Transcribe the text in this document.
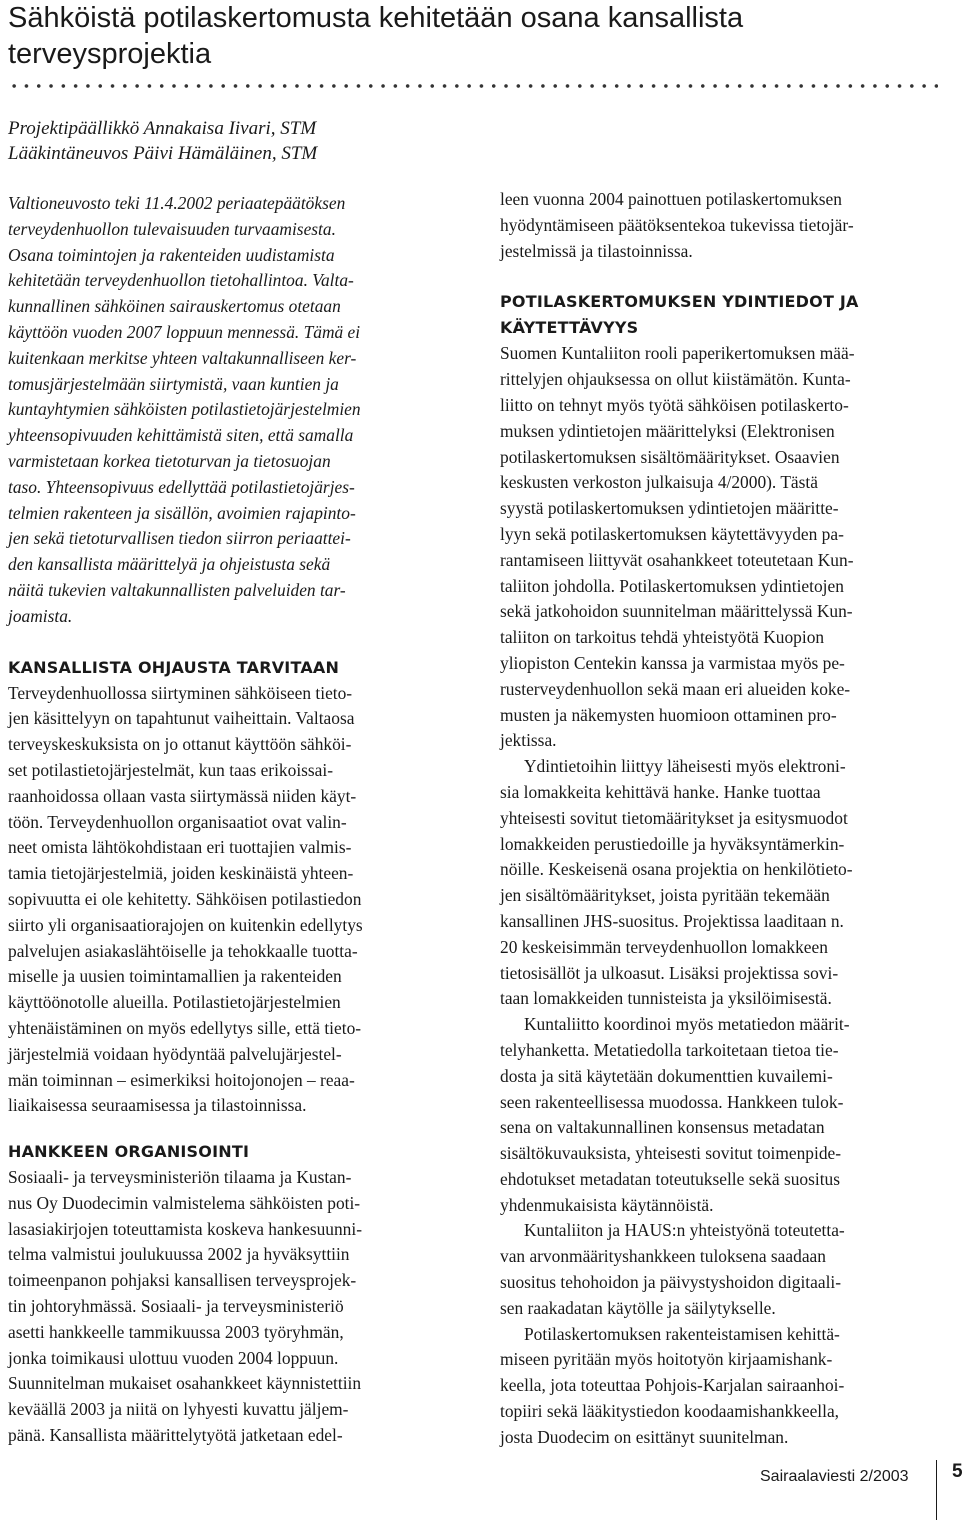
Sähköistä potilaskertomusta kehitetään osana kansallista
terveysprojektia
Projektipäällikkö Annakaisa Iivari, STM
Lääkintäneuvos Päivi Hämäläinen, STM
Valtioneuvosto teki 11.4.2002 periaatepäätöksen
terveydenhuollon tulevaisuuden turvaamisesta.
Osana toimintojen ja rakenteiden uudistamista
kehitetään terveydenhuollon tietohallintoa. Valta-
kunnallinen sähköinen sairauskertomus otetaan
käyttöön vuoden 2007 loppuun mennessä. Tämä ei
kuitenkaan merkitse yhteen valtakunnalliseen ker-
tomusjärjestelmään siirtymistä, vaan kuntien ja
kuntayhtymien sähköisten potilastietojärjestelmien
yhteensopivuuden kehittämistä siten, että samalla
varmistetaan korkea tietoturvan ja tietosuojan
taso. Yhteensopivuus edellyttää potilastietojärjes-
telmien rakenteen ja sisällön, avoimien rajapinto-
jen sekä tietoturvallisen tiedon siirron periaattei-
den kansallista määrittelyä ja ohjeistusta sekä
näitä tukevien valtakunnallisten palveluiden tar-
joamista.
KANSALLISTA OHJAUSTA TARVITAAN
Terveydenhuollossa siirtyminen sähköiseen tieto-
jen käsittelyyn on tapahtunut vaiheittain. Valtaosa
terveyskeskuksista on jo ottanut käyttöön sähköi-
set potilastietojärjestelmät, kun taas erikoissai-
raanhoidossa ollaan vasta siirtymässä niiden käyt-
töön. Terveydenhuollon organisaatiot ovat valin-
neet omista lähtökohdistaan eri tuottajien valmis-
tamia tietojärjestelmiä, joiden keskinäistä yhteen-
sopivuutta ei ole kehitetty. Sähköisen potilastiedon
siirto yli organisaatiorajojen on kuitenkin edellytys
palvelujen asiakaslähtöiselle ja tehokkaalle tuotta-
miselle ja uusien toimintamallien ja rakenteiden
käyttöönotolle alueilla. Potilastietojärjestelmien
yhtenäistäminen on myös edellytys sille, että tieto-
järjestelmiä voidaan hyödyntää palvelujärjestel-
män toiminnan – esimerkiksi hoitojonojen – reaa-
liaikaisessa seuraamisessa ja tilastoinnissa.
HANKKEEN ORGANISOINTI
Sosiaali- ja terveysministeriön tilaama ja Kustan-
nus Oy Duodecimin valmistelema sähköisten poti-
lasasiakirjojen toteuttamista koskeva hankesuunni-
telma valmistui joulukuussa 2002 ja hyväksyttiin
toimeenpanon pohjaksi kansallisen terveysprojek-
tin johtoryhmässä. Sosiaali- ja terveysministeriö
asetti hankkeelle tammikuussa 2003 työryhmän,
jonka toimikausi ulottuu vuoden 2004 loppuun.
Suunnitelman mukaiset osahankkeet käynnistettiin
keväällä 2003 ja niitä on lyhyesti kuvattu jäljem-
pänä. Kansallista määrittelytyötä jatketaan edel-
leen vuonna 2004 painottuen potilaskertomuksen
hyödyntämiseen päätöksentekoa tukevissa tietojär-
jestelmissä ja tilastoinnissa.
POTILASKERTOMUKSEN YDINTIEDOT JA
KÄYTETTÄVYYS
Suomen Kuntaliiton rooli paperikertomuksen mää-
rittelyjen ohjauksessa on ollut kiistämätön. Kunta-
liitto on tehnyt myös työtä sähköisen potilaskerto-
muksen ydintietojen määrittelyksi (Elektronisen
potilaskertomuksen sisältömääritykset. Osaavien
keskusten verkoston julkaisuja 4/2000). Tästä
syystä potilaskertomuksen ydintietojen määritte-
lyyn sekä potilaskertomuksen käytettävyyden pa-
rantamiseen liittyvät osahankkeet toteutetaan Kun-
taliiton johdolla. Potilaskertomuksen ydintietojen
sekä jatkohoidon suunnitelman määrittelyssä Kun-
taliiton on tarkoitus tehdä yhteistyötä Kuopion
yliopiston Centekin kanssa ja varmistaa myös pe-
rusterveydenhuollon sekä maan eri alueiden koke-
musten ja näkemysten huomioon ottaminen pro-
jektissa.
Ydintietoihin liittyy läheisesti myös elektroni-
sia lomakkeita kehittävä hanke. Hanke tuottaa
yhteisesti sovitut tietomääritykset ja esitysmuodot
lomakkeiden perustiedoille ja hyväksyntämerkin-
nöille. Keskeisenä osana projektia on henkilötieto-
jen sisältömääritykset, joista pyritään tekemään
kansallinen JHS-suositus. Projektissa laaditaan n.
20 keskeisimmän terveydenhuollon lomakkeen
tietosisällöt ja ulkoasut. Lisäksi projektissa sovi-
taan lomakkeiden tunnisteista ja yksilöimisestä.
Kuntaliitto koordinoi myös metatiedon määrit-
telyhanketta. Metatiedolla tarkoitetaan tietoa tie-
dosta ja sitä käytetään dokumenttien kuvailemi-
seen rakenteellisessa muodossa. Hankkeen tulok-
sena on valtakunnallinen konsensus metadatan
sisältökuvauksista, yhteisesti sovitut toimenpide-
ehdotukset metadatan toteutukselle sekä suositus
yhdenmukaisista käytännöistä.
Kuntaliiton ja HAUS:n yhteistyönä toteutetta-
van arvonmäärityshankkeen tuloksena saadaan
suositus tehohoidon ja päivystyshoidon digitaali-
sen raakadatan käytölle ja säilytykselle.
Potilaskertomuksen rakenteistamisen kehittä-
miseen pyritään myös hoitotyön kirjaamishank-
keella, jota toteuttaa Pohjois-Karjalan sairaanhoi-
topiiri sekä lääkitystiedon koodaamishankkeella,
josta Duodecim on esittänyt suunitelman.
Sairaalaviesti 2/2003	5
